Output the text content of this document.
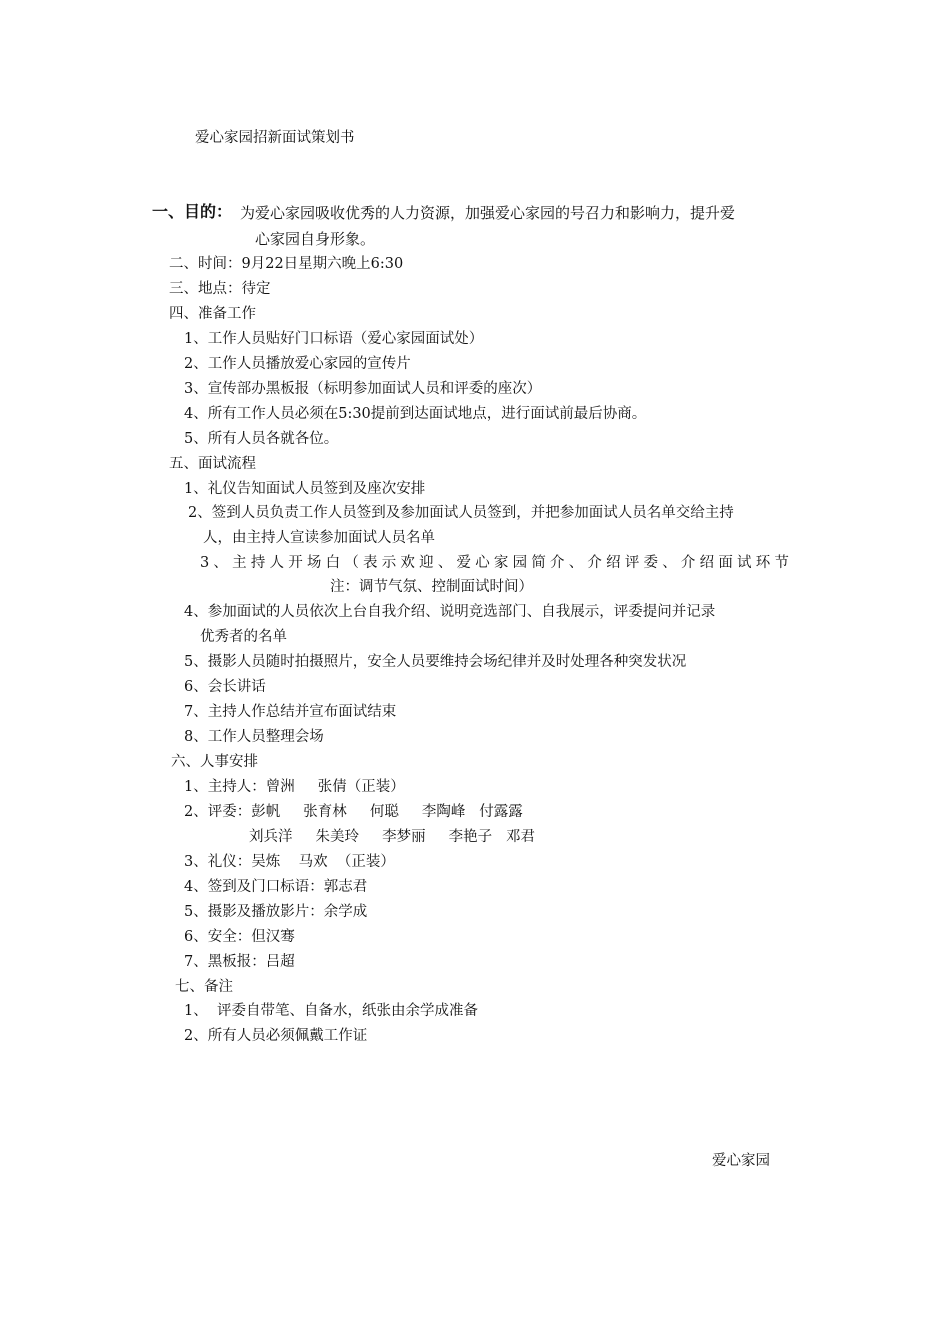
爱心家园招新面试策划书
一、目的： 为爱心家园吸收优秀的人力资源，加强爱心家园的号召力和影响力，提升爱
心家园自身形象。
二、时间：9月22日星期六晚上6:30
三、地点：待定
四、准备工作
1、工作人员贴好门口标语（爱心家园面试处）
2、工作人员播放爱心家园的宣传片
3、宣传部办黑板报（标明参加面试人员和评委的座次）
4、所有工作人员必须在5:30提前到达面试地点，进行面试前最后协商。
5、所有人员各就各位。
五、面试流程
1、礼仪告知面试人员签到及座次安排
2、签到人员负责工作人员签到及参加面试人员签到，并把参加面试人员名单交给主持
人，由主持人宣读参加面试人员名单
3、主持人开场白（表示欢迎、爱心家园简介、介绍评委、介绍面试环节
注：调节气氛、控制面试时间）
4、参加面试的人员依次上台自我介绍、说明竞选部门、自我展示，评委提问并记录
优秀者的名单
5、摄影人员随时拍摄照片，安全人员要维持会场纪律并及时处理各种突发状况
6、会长讲话
7、主持人作总结并宣布面试结束
8、工作人员整理会场
六、人事安排
1、主持人：曾洲     张倩（正装）
2、评委：彭帆     张育林     何聪     李陶峰   付露露
刘兵洋     朱美玲     李梦丽     李艳子   邓君
3、礼仪：吴炼    马欢  （正装）
4、签到及门口标语：郭志君
5、摄影及播放影片：余学成
6、安全：但汉骞
7、黑板报：吕超
七、备注
1、  评委自带笔、自备水，纸张由余学成准备
2、所有人员必须佩戴工作证
爱心家园
